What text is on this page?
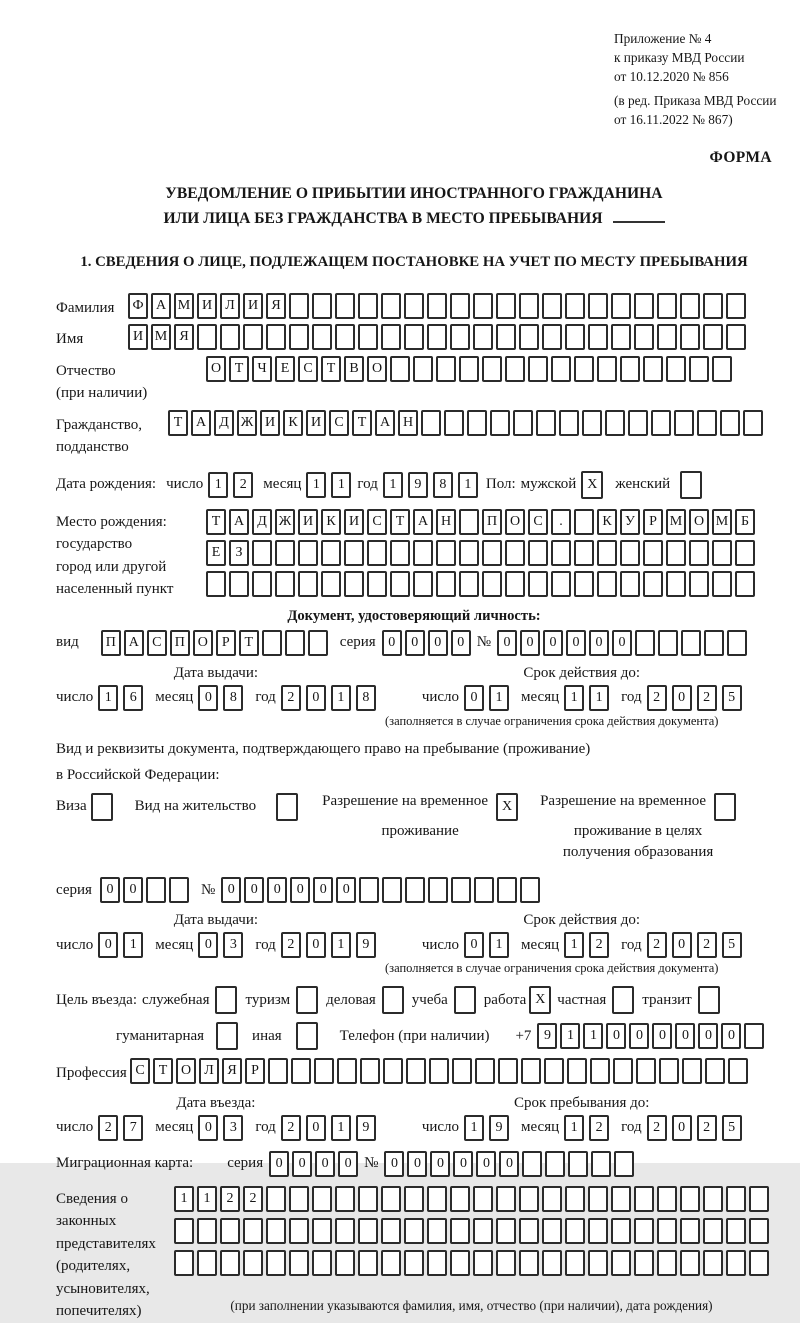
Приложение № 4
к приказу МВД России
от 10.12.2020 № 856
(в ред. Приказа МВД России
от 16.11.2022 № 867)
ФОРМА
УВЕДОМЛЕНИЕ О ПРИБЫТИИ ИНОСТРАННОГО ГРАЖДАНИНА
ИЛИ ЛИЦА БЕЗ ГРАЖДАНСТВА В МЕСТО ПРЕБЫВАНИЯ
1. СВЕДЕНИЯ О ЛИЦЕ, ПОДЛЕЖАЩЕМ ПОСТАНОВКЕ НА УЧЕТ ПО МЕСТУ ПРЕБЫВАНИЯ
Фамилия	Ф А М И Л И Я
Имя	И М Я
Отчество
(при наличии)
О Т	Ч	Е	С	Т	В О
Гражданство,
подданство
Т А Д Ж И К И С	Т А Н
Дата рождения: число 1	2	месяц 1	1 год 1	9	8	1 Пол: мужской X	женский
Место рождения:
государство
город или другой
населенный пункт
Т А Д Ж И К И С	Т А Н	П О С	.	К У	Р М О М Б
Е	З
Документ, удостоверяющий личность:
вид	П А С П О	Р	Т	серия 0	0	0	0 № 0	0	0	0	0	0
Дата выдачи:
число 1	6	месяц 0	8	год 2	0	1	8
Срок действия до:
число 0	1	месяц 1	1	год 2	0	2	5
(заполняется в случае ограничения срока действия документа)
Вид и реквизиты документа, подтверждающего право на пребывание (проживание)
в Российской Федерации:
Виза	Вид на жительство	Разрешение на временное X
проживание
Разрешение на временное
проживание в целях
получения образования
серия	0	0	№ 0	0	0	0	0	0
Дата выдачи:
число 0	1	месяц 0	3	год 2	0	1	9
Срок действия до:
число 0	1	месяц 1	2	год 2	0	2	5
(заполняется в случае ограничения срока действия документа)
Цель въезда: служебная туризм деловая учеба работа X частная транзит
гуманитарная	иная	Телефон (при наличии) +7 9	1	1	0	0	0	0	0	0
Профессия С	Т О Л Я	Р
Дата въезда:
число 2	7	месяц 0	3	год 2	0	1	9
Срок пребывания до:
число 1	9	месяц 1	2	год 2	0	2	5
Миграционная карта: серия 0	0	0	0 № 0	0	0	0	0	0
Сведения о
законных
представителях
(родителях,
усыновителях,
попечителях)
1	1	2	2
(при заполнении указываются фамилия, имя, отчество (при наличии), дата рождения)
